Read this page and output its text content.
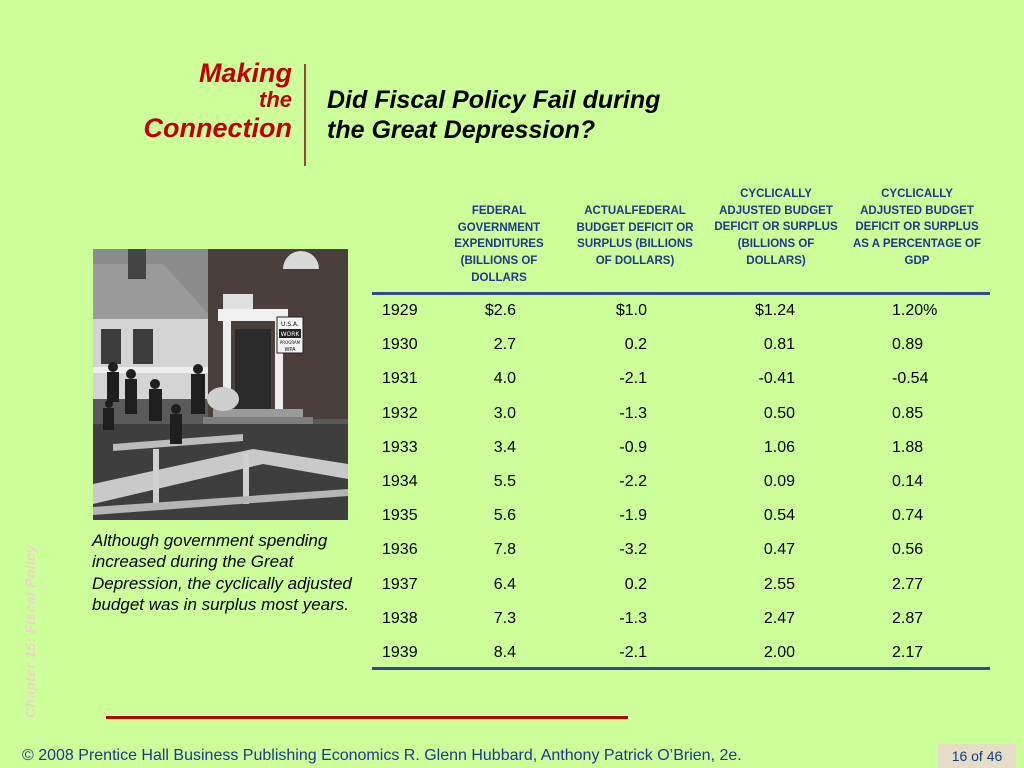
Making
the
Connection
Did Fiscal Policy Fail during
the Great Depression?
Chapter 15: Fiscal Policy
U.S.A.
WORK
PROGRAM
WPA
Although government spending increased during the Great Depression, the cyclically adjusted budget was in surplus most years.
FEDERAL GOVERNMENT EXPENDITURES (BILLIONS OF DOLLARS
ACTUALFEDERAL BUDGET DEFICIT OR SURPLUS (BILLIONS OF DOLLARS)
CYCLICALLY ADJUSTED BUDGET DEFICIT OR SURPLUS (BILLIONS OF DOLLARS)
CYCLICALLY ADJUSTED BUDGET DEFICIT OR SURPLUS AS A PERCENTAGE OF GDP
1929	$2.6	$1.0	$1.24	1.20%
1930	2.7	0.2	0.81	0.89
1931	4.0	-2.1	-0.41	-0.54
1932	3.0	-1.3	0.50	0.85
1933	3.4	-0.9	1.06	1.88
1934	5.5	-2.2	0.09	0.14
1935	5.6	-1.9	0.54	0.74
1936	7.8	-3.2	0.47	0.56
1937	6.4	0.2	2.55	2.77
1938	7.3	-1.3	2.47	2.87
1939	8.4	-2.1	2.00	2.17
© 2008 Prentice Hall Business Publishing Economics R. Glenn Hubbard, Anthony Patrick O’Brien, 2e.	16 of 46
